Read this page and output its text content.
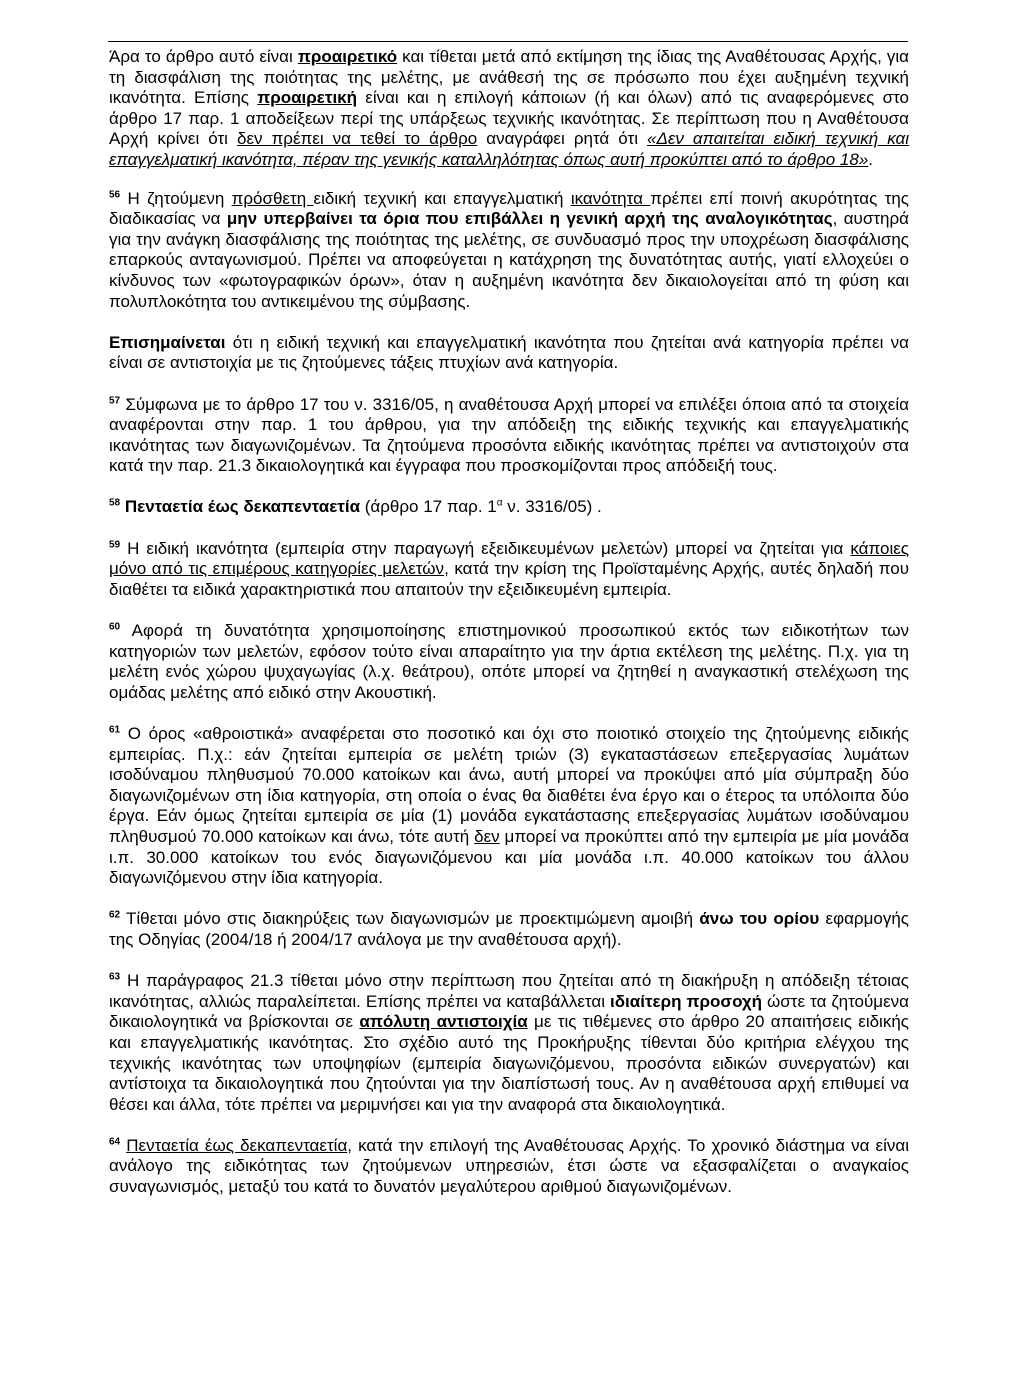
Άρα το άρθρο αυτό είναι προαιρετικό και τίθεται μετά από εκτίμηση της ίδιας της Αναθέτουσας Αρχής, για τη διασφάλιση της ποιότητας της μελέτης, με ανάθεσή της σε πρόσωπο που έχει αυξημένη τεχνική ικανότητα. Επίσης προαιρετική είναι και η επιλογή κάποιων (ή και όλων) από τις αναφερόμενες στο άρθρο 17 παρ. 1 αποδείξεων περί της υπάρξεως τεχνικής ικανότητας. Σε περίπτωση που η Αναθέτουσα Αρχή κρίνει ότι δεν πρέπει να τεθεί το άρθρο αναγράφει ρητά ότι «Δεν απαιτείται ειδική τεχνική και επαγγελματική ικανότητα, πέραν της γενικής καταλληλότητας όπως αυτή προκύπτει από το άρθρο 18».

$^{56}$ Η ζητούμενη πρόσθετη ειδική τεχνική και επαγγελματική ικανότητα πρέπει επί ποινή ακυρότητας της διαδικασίας να μην υπερβαίνει τα όρια που επιβάλλει η γενική αρχή της αναλογικότητας, αυστηρά για την ανάγκη διασφάλισης της ποιότητας της μελέτης, σε συνδυασμό προς την υποχρέωση διασφάλισης επαρκούς ανταγωνισμού. Πρέπει να αποφεύγεται η κατάχρηση της δυνατότητας αυτής, γιατί ελλοχεύει ο κίνδυνος των «φωτογραφικών όρων», όταν η αυξημένη ικανότητα δεν δικαιολογείται από τη φύση και πολυπλοκότητα του αντικειμένου της σύμβασης.

Επισημαίνεται ότι η ειδική τεχνική και επαγγελματική ικανότητα που ζητείται ανά κατηγορία πρέπει να είναι σε αντιστοιχία με τις ζητούμενες τάξεις πτυχίων ανά κατηγορία.

$^{57}$ Σύμφωνα με το άρθρο 17 του ν. 3316/05, η αναθέτουσα Αρχή μπορεί να επιλέξει όποια από τα στοιχεία αναφέρονται στην παρ. 1 του άρθρου, για την απόδειξη της ειδικής τεχνικής και επαγγελματικής ικανότητας των διαγωνιζομένων. Τα ζητούμενα προσόντα ειδικής ικανότητας πρέπει να αντιστοιχούν στα κατά την παρ. 21.3 δικαιολογητικά και έγγραφα που προσκομίζονται προς απόδειξή τους.

$^{58}$ Πενταετία έως δεκαπενταετία (άρθρο 17 παρ. $1^\alpha$ ν. 3316/05) .

$^{59}$ Η ειδική ικανότητα (εμπειρία στην παραγωγή εξειδικευμένων μελετών) μπορεί να ζητείται για κάποιες μόνο από τις επιμέρους κατηγορίες μελετών, κατά την κρίση της Προϊσταμένης Αρχής, αυτές δηλαδή που διαθέτει τα ειδικά χαρακτηριστικά που απαιτούν την εξειδικευμένη εμπειρία.

$^{60}$ Αφορά τη δυνατότητα χρησιμοποίησης επιστημονικού προσωπικού εκτός των ειδικοτήτων των κατηγοριών των μελετών, εφόσον τούτο είναι απαραίτητο για την άρτια εκτέλεση της μελέτης. Π.χ. για τη μελέτη ενός χώρου ψυχαγωγίας (λ.χ. θεάτρου), οπότε μπορεί να ζητηθεί η αναγκαστική στελέχωση της ομάδας μελέτης από ειδικό στην Ακουστική.

$^{61}$ Ο όρος «αθροιστικά» αναφέρεται στο ποσοτικό και όχι στο ποιοτικό στοιχείο της ζητούμενης ειδικής εμπειρίας. Π.χ.: εάν ζητείται εμπειρία σε μελέτη τριών (3) εγκαταστάσεων επεξεργασίας λυμάτων ισοδύναμου πληθυσμού 70.000 κατοίκων και άνω, αυτή μπορεί να προκύψει από μία σύμπραξη δύο διαγωνιζομένων στη ίδια κατηγορία, στη οποία ο ένας θα διαθέτει ένα έργο και ο έτερος τα υπόλοιπα δύο έργα. Εάν όμως ζητείται εμπειρία σε μία (1) μονάδα εγκατάστασης επεξεργασίας λυμάτων ισοδύναμου πληθυσμού 70.000 κατοίκων και άνω, τότε αυτή δεν μπορεί να προκύπτει από την εμπειρία με μία μονάδα ι.π. 30.000 κατοίκων του ενός διαγωνιζόμενου και μία μονάδα ι.π. 40.000 κατοίκων του άλλου διαγωνιζόμενου στην ίδια κατηγορία.

$^{62}$ Τίθεται μόνο στις διακηρύξεις των διαγωνισμών με προεκτιμώμενη αμοιβή άνω του ορίου εφαρμογής της Οδηγίας (2004/18 ή 2004/17 ανάλογα με την αναθέτουσα αρχή).

$^{63}$ Η παράγραφος 21.3 τίθεται μόνο στην περίπτωση που ζητείται από τη διακήρυξη η απόδειξη τέτοιας ικανότητας, αλλιώς παραλείπεται. Επίσης πρέπει να καταβάλλεται ιδιαίτερη προσοχή ώστε τα ζητούμενα δικαιολογητικά να βρίσκονται σε απόλυτη αντιστοιχία με τις τιθέμενες στο άρθρο 20 απαιτήσεις ειδικής και επαγγελματικής ικανότητας. Στο σχέδιο αυτό της Προκήρυξης τίθενται δύο κριτήρια ελέγχου της τεχνικής ικανότητας των υποψηφίων (εμπειρία διαγωνιζόμενου, προσόντα ειδικών συνεργατών) και αντίστοιχα τα δικαιολογητικά που ζητούνται για την διαπίστωσή τους. Αν η αναθέτουσα αρχή επιθυμεί να θέσει και άλλα, τότε πρέπει να μεριμνήσει και για την αναφορά στα δικαιολογητικά.

$^{64}$ Πενταετία έως δεκαπενταετία, κατά την επιλογή της Αναθέτουσας Αρχής. Το χρονικό διάστημα να είναι ανάλογο της ειδικότητας των ζητούμενων υπηρεσιών, έτσι ώστε να εξασφαλίζεται ο αναγκαίος συναγωνισμός, μεταξύ του κατά το δυνατόν μεγαλύτερου αριθμού διαγωνιζομένων.
